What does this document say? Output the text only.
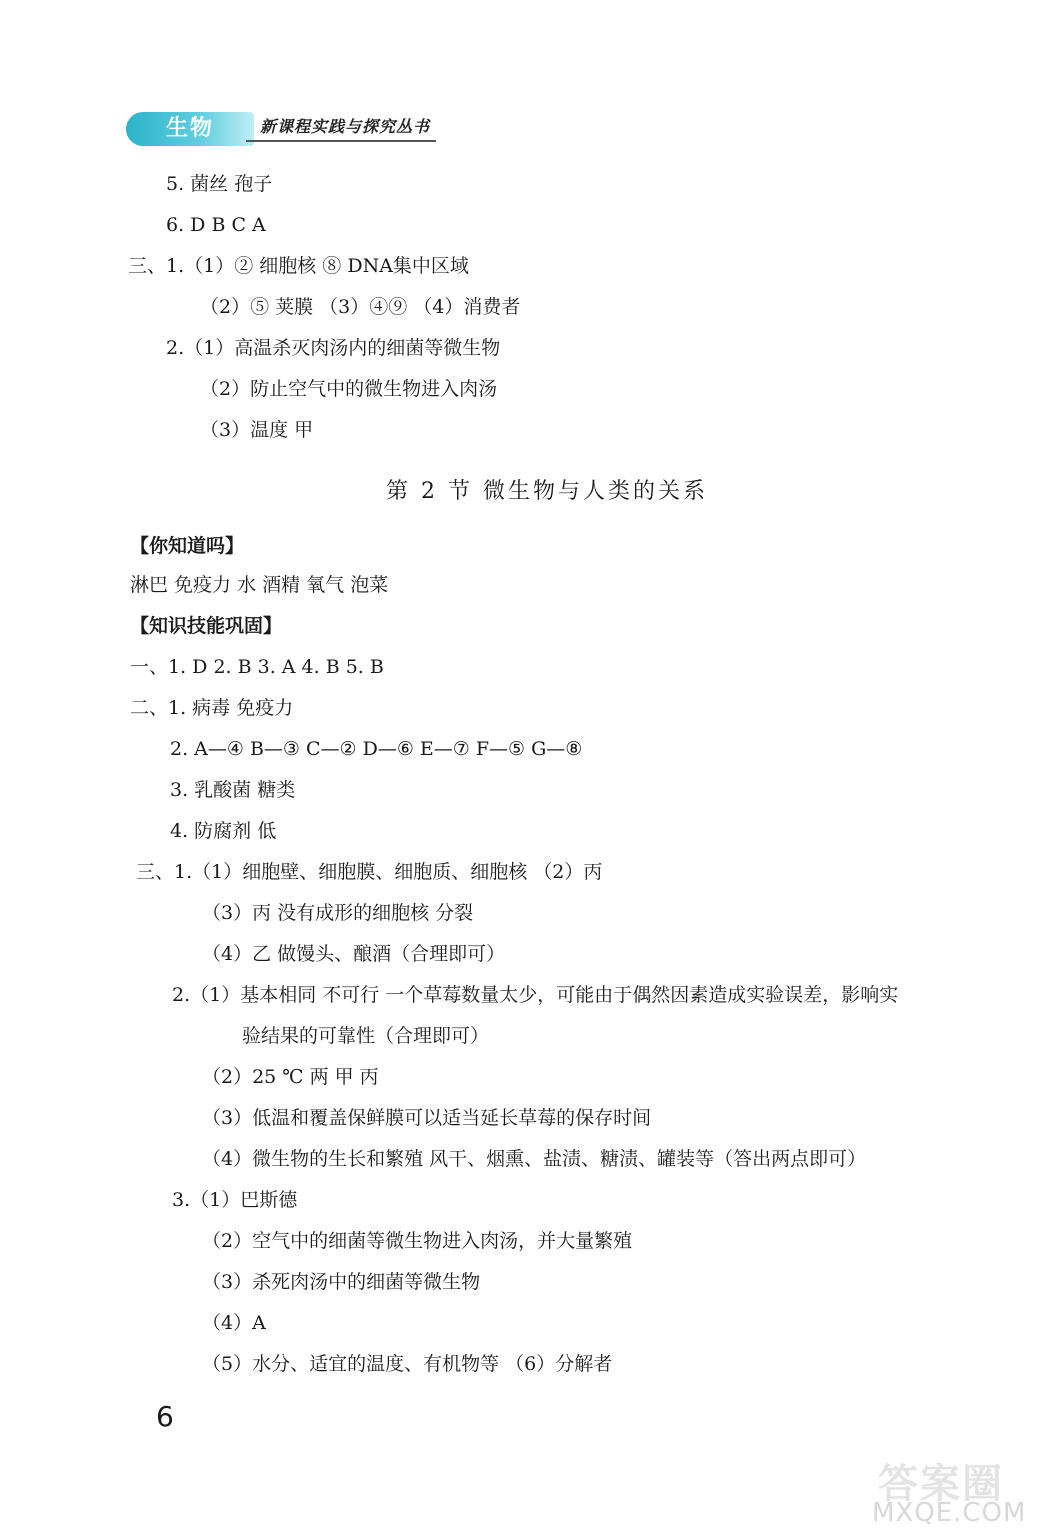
生物	新课程实践与探究丛书
5. 菌丝 孢子
6. D B C A
三、1.（1）② 细胞核 ⑧ DNA集中区域
（2）⑤ 荚膜 （3）④⑨ （4）消费者
2.（1）高温杀灭肉汤内的细菌等微生物
（2）防止空气中的微生物进入肉汤
（3）温度 甲
第 2 节 微生物与人类的关系
【你知道吗】
淋巴 免疫力 水 酒精 氧气 泡菜
【知识技能巩固】
一、1. D 2. B 3. A 4. B 5. B
二、1. 病毒 免疫力
2. A—④ B—③ C—② D—⑥ E—⑦ F—⑤ G—⑧
3. 乳酸菌 糖类
4. 防腐剂 低
三、1.（1）细胞壁、细胞膜、细胞质、细胞核 （2）丙
（3）丙 没有成形的细胞核 分裂
（4）乙 做馒头、酿酒（合理即可）
2.（1）基本相同 不可行 一个草莓数量太少，可能由于偶然因素造成实验误差，影响实
验结果的可靠性（合理即可）
（2）25 ℃ 两 甲 丙
（3）低温和覆盖保鲜膜可以适当延长草莓的保存时间
（4）微生物的生长和繁殖 风干、烟熏、盐渍、糖渍、罐装等（答出两点即可）
3.（1）巴斯德
（2）空气中的细菌等微生物进入肉汤，并大量繁殖
（3）杀死肉汤中的细菌等微生物
（4）A
（5）水分、适宜的温度、有机物等 （6）分解者
6
答案圈
MXQE.COM
